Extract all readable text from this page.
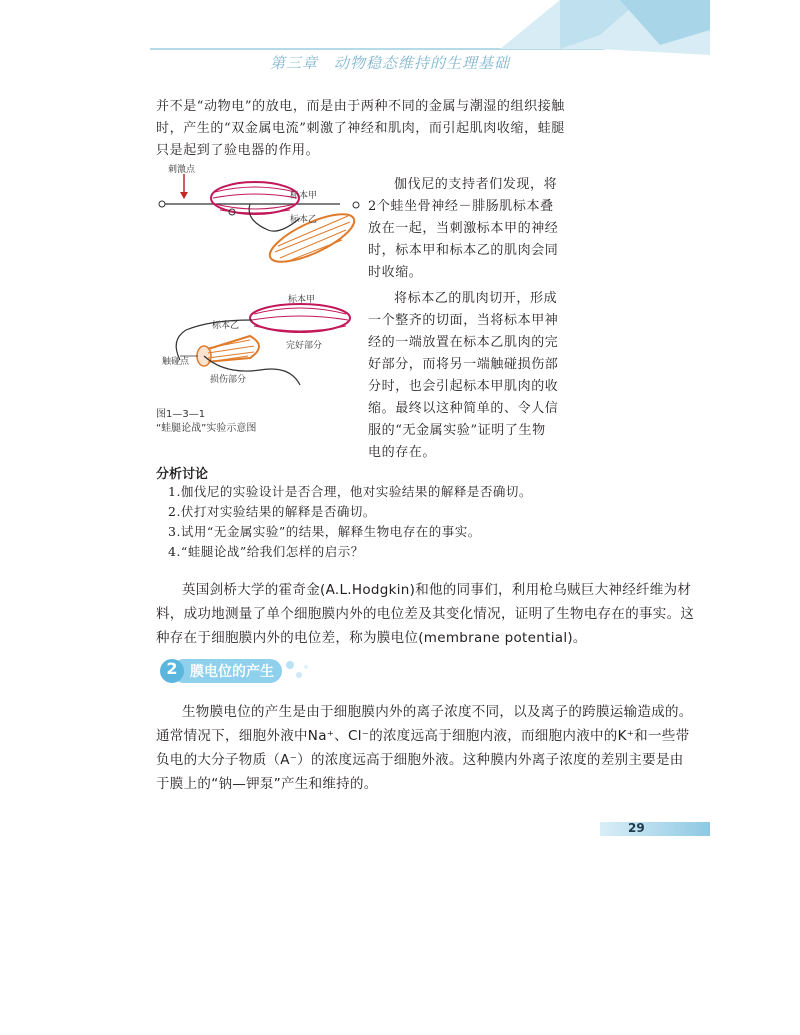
第三章　动物稳态维持的生理基础
并不是“动物电”的放电，而是由于两种不同的金属与潮湿的组织接触
时，产生的“双金属电流”刺激了神经和肌肉，而引起肌肉收缩，蛙腿
只是起到了验电器的作用。
刺激点
标本甲
标本乙
伽伐尼的支持者们发现，将
2个蛙坐骨神经－腓肠肌标本叠
放在一起，当刺激标本甲的神经
时，标本甲和标本乙的肌肉会同
时收缩。
标本甲
标本乙
完好部分
触碰点
损伤部分
图1—3—1
“蛙腿论战”实验示意图
将标本乙的肌肉切开，形成
一个整齐的切面，当将标本甲神
经的一端放置在标本乙肌肉的完
好部分，而将另一端触碰损伤部
分时，也会引起标本甲肌肉的收
缩。最终以这种简单的、令人信
服的“无金属实验”证明了生物
电的存在。
分析讨论
1.伽伐尼的实验设计是否合理，他对实验结果的解释是否确切。
2.伏打对实验结果的解释是否确切。
3.试用“无金属实验”的结果，解释生物电存在的事实。
4.“蛙腿论战”给我们怎样的启示？
英国剑桥大学的霍奇金(A.L.Hodgkin)和他的同事们，利用枪乌贼巨大神经纤维为材
料，成功地测量了单个细胞膜内外的电位差及其变化情况，证明了生物电存在的事实。这
种存在于细胞膜内外的电位差，称为膜电位(membrane potential)。
2 膜电位的产生
生物膜电位的产生是由于细胞膜内外的离子浓度不同，以及离子的跨膜运输造成的。
通常情况下，细胞外液中Na⁺、Cl⁻的浓度远高于细胞内液，而细胞内液中的K⁺和一些带
负电的大分子物质（A⁻）的浓度远高于细胞外液。这种膜内外离子浓度的差别主要是由
于膜上的“钠—钾泵”产生和维持的。
29
